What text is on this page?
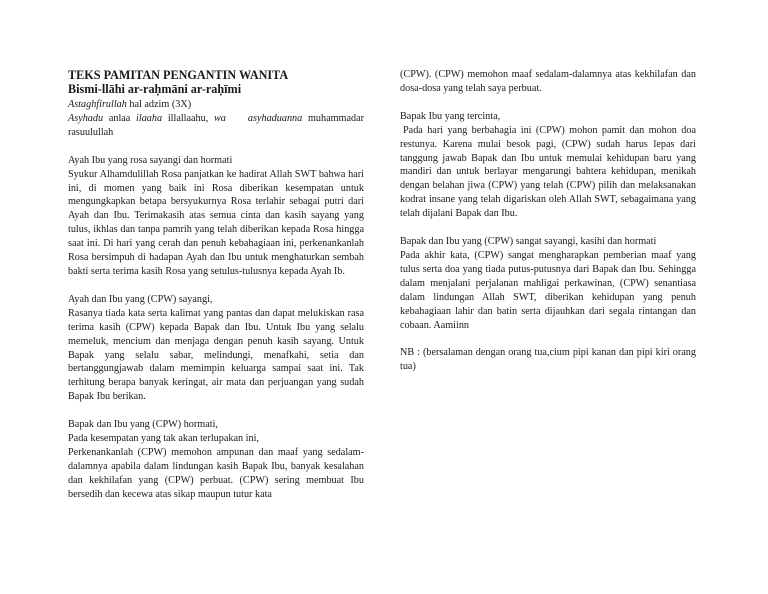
TEKS PAMITAN PENGANTIN WANITA

Bismi-llāhi ar-raḥmāni ar-raḥīmi

Astaghfirullah hal adzim (3X)

Asyhadu anlaa ilaaha illallaahu, wa asyhaduanna muhammadar rasuulullah

Ayah Ibu yang rosa sayangi dan hormati
Syukur Alhamdulillah Rosa panjatkan ke hadirat Allah SWT bahwa hari ini, di momen yang baik ini Rosa diberikan kesempatan untuk mengungkapkan betapa bersyukurnya Rosa terlahir sebagai putri dari Ayah dan Ibu. Terimakasih atas semua cinta dan kasih sayang yang tulus, ikhlas dan tanpa pamrih yang telah diberikan kepada Rosa hingga saat ini. Di hari yang cerah dan penuh kebahagiaan ini, perkenankanlah Rosa bersimpuh di hadapan Ayah dan Ibu untuk menghaturkan sembah bakti serta terima kasih Rosa yang setulus-tulusnya kepada Ayah Ib.

Ayah dan Ibu yang (CPW) sayangi,
Rasanya tiada kata serta kalimat yang pantas dan dapat melukiskan rasa terima kasih (CPW) kepada Bapak dan Ibu. Untuk Ibu yang selalu memeluk, mencium dan menjaga dengan penuh kasih sayang. Untuk Bapak yang selalu sabar, melindungi, menafkahi, setia dan bertanggungjawab dalam memimpin keluarga sampai saat ini. Tak terhitung berapa banyak keringat, air mata dan perjuangan yang sudah Bapak Ibu berikan.

Bapak dan Ibu yang (CPW) hormati,
Pada kesempatan yang tak akan terlupakan ini,
Perkenankanlah (CPW) memohon ampunan dan maaf yang sedalam-dalamnya apabila dalam lindungan kasih Bapak Ibu, banyak kesalahan dan kekhilafan yang (CPW) perbuat. (CPW) sering membuat Ibu bersedih dan kecewa atas sikap maupun tutur kata

(CPW). (CPW) memohon maaf sedalam-dalamnya atas kekhilafan dan dosa-dosa yang telah saya perbuat.

Bapak Ibu yang tercinta,
Pada hari yang berbahagia ini (CPW) mohon pamit dan mohon doa restunya. Karena mulai besok pagi, (CPW) sudah harus lepas dari tanggung jawab Bapak dan Ibu untuk memulai kehidupan baru yang mandiri dan untuk berlayar mengarungi bahtera kehidupan, menikah dengan belahan jiwa (CPW) yang telah (CPW) pilih dan melaksanakan kodrat insane yang telah digariskan oleh Allah SWT, sebagaimana yang telah dijalani Bapak dan Ibu.

Bapak dan Ibu yang (CPW) sangat sayangi, kasihi dan hormati
Pada akhir kata, (CPW) sangat mengharapkan pemberian maaf yang tulus serta doa yang tiada putus-putusnya dari Bapak dan Ibu. Sehingga dalam menjalani perjalanan mahligai perkawinan, (CPW) senantiasa dalam lindungan Allah SWT, diberikan kehidupan yang penuh kebahagiaan lahir dan batin serta dijauhkan dari segala rintangan dan cobaan. Aamiinn

NB : (bersalaman dengan orang tua,cium pipi kanan dan pipi kiri orang tua)
